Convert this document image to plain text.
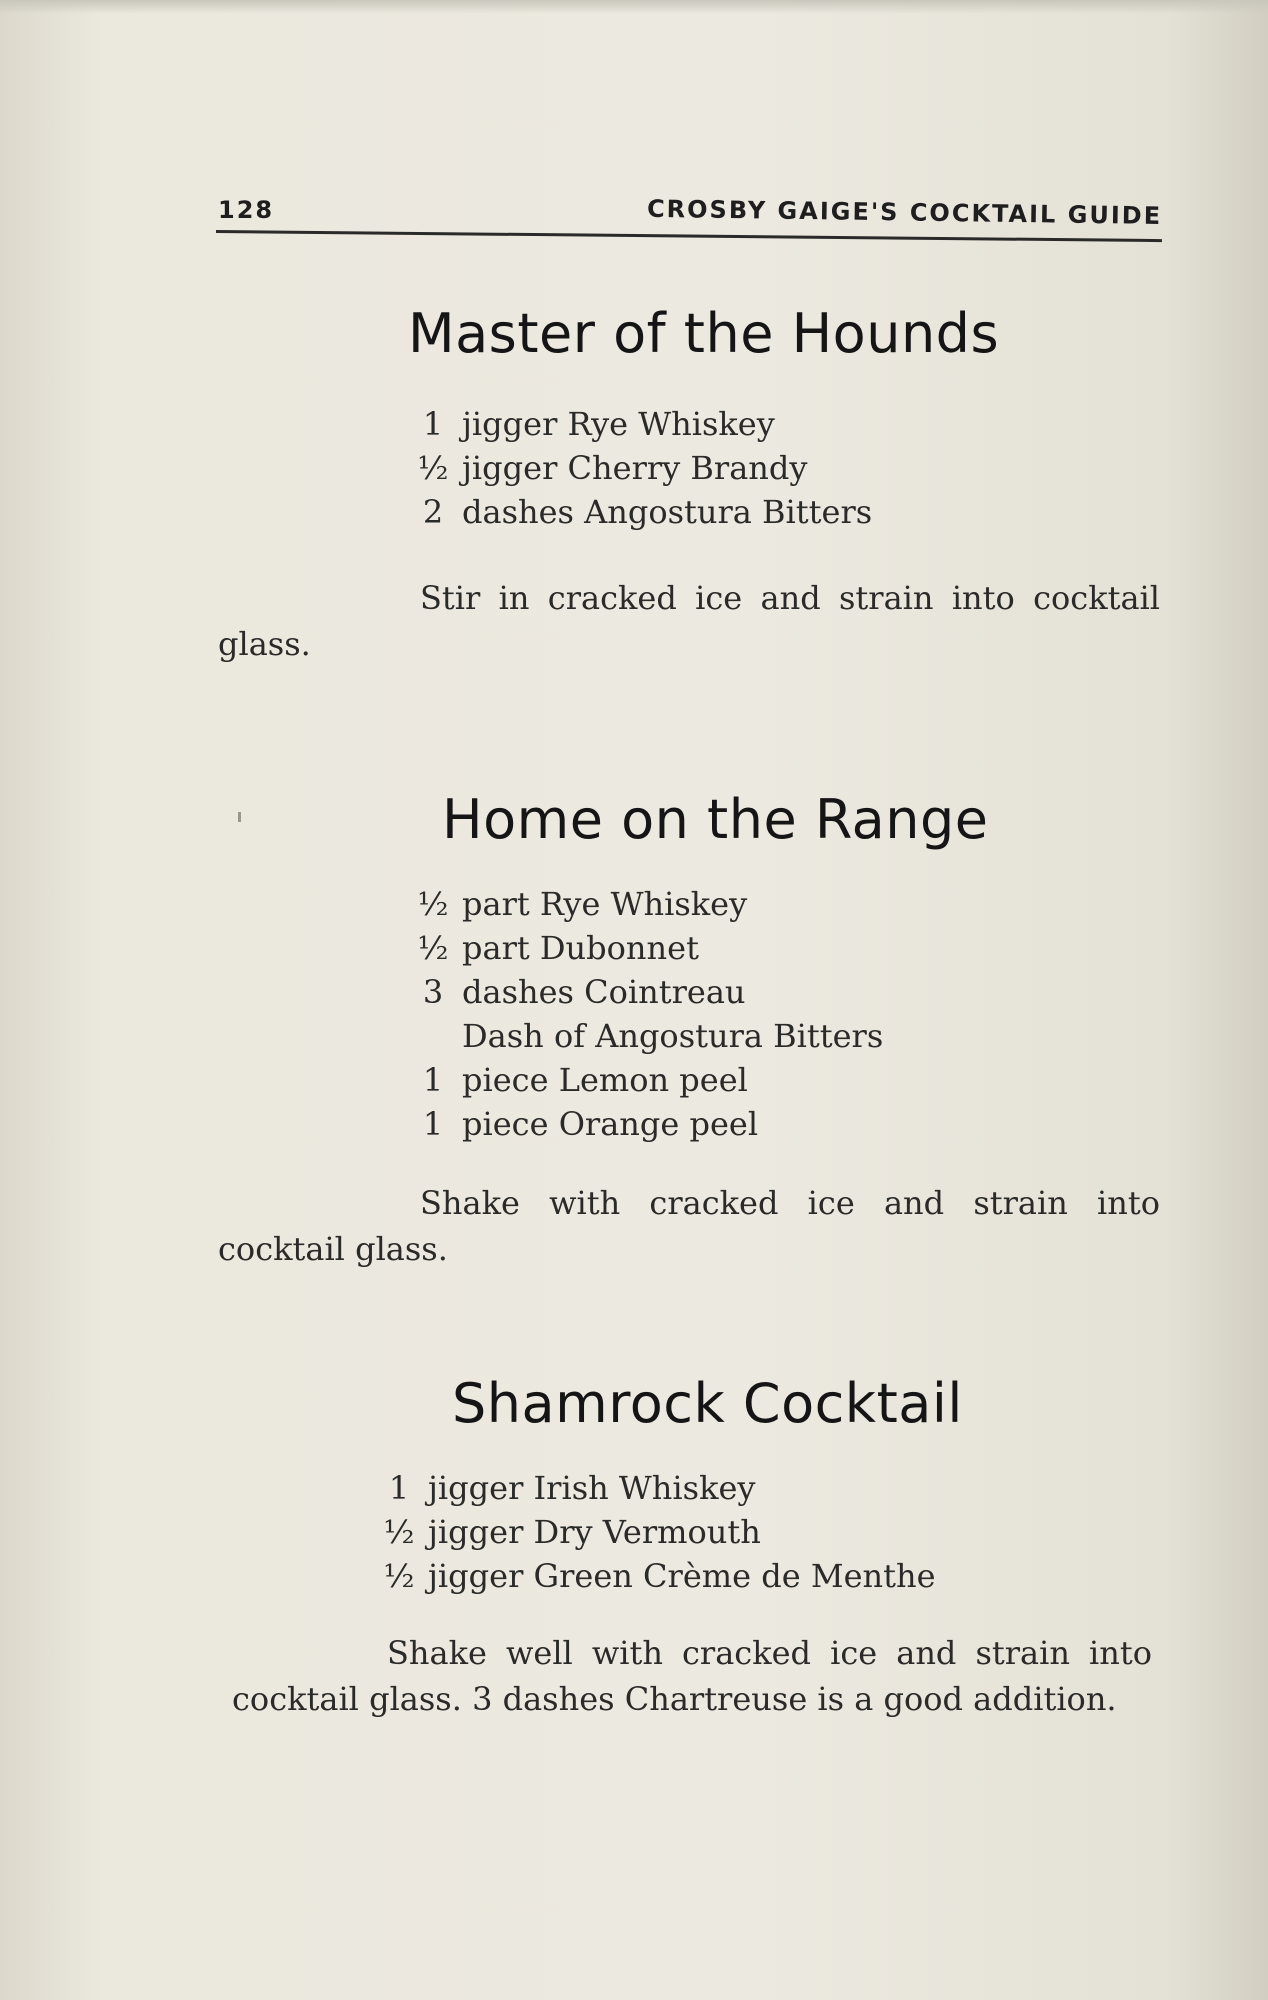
128	CROSBY GAIGE'S COCKTAIL GUIDE
Master of the Hounds
1 jigger Rye Whiskey
½ jigger Cherry Brandy
2 dashes Angostura Bitters

Stir in cracked ice and strain into cocktail glass.

Home on the Range
½ part Rye Whiskey
½ part Dubonnet
3 dashes Cointreau
Dash of Angostura Bitters
1 piece Lemon peel
1 piece Orange peel

Shake with cracked ice and strain into cocktail glass.

Shamrock Cocktail
1 jigger Irish Whiskey
½ jigger Dry Vermouth
½ jigger Green Crème de Menthe

Shake well with cracked ice and strain into cocktail glass. 3 dashes Chartreuse is a good addition.
